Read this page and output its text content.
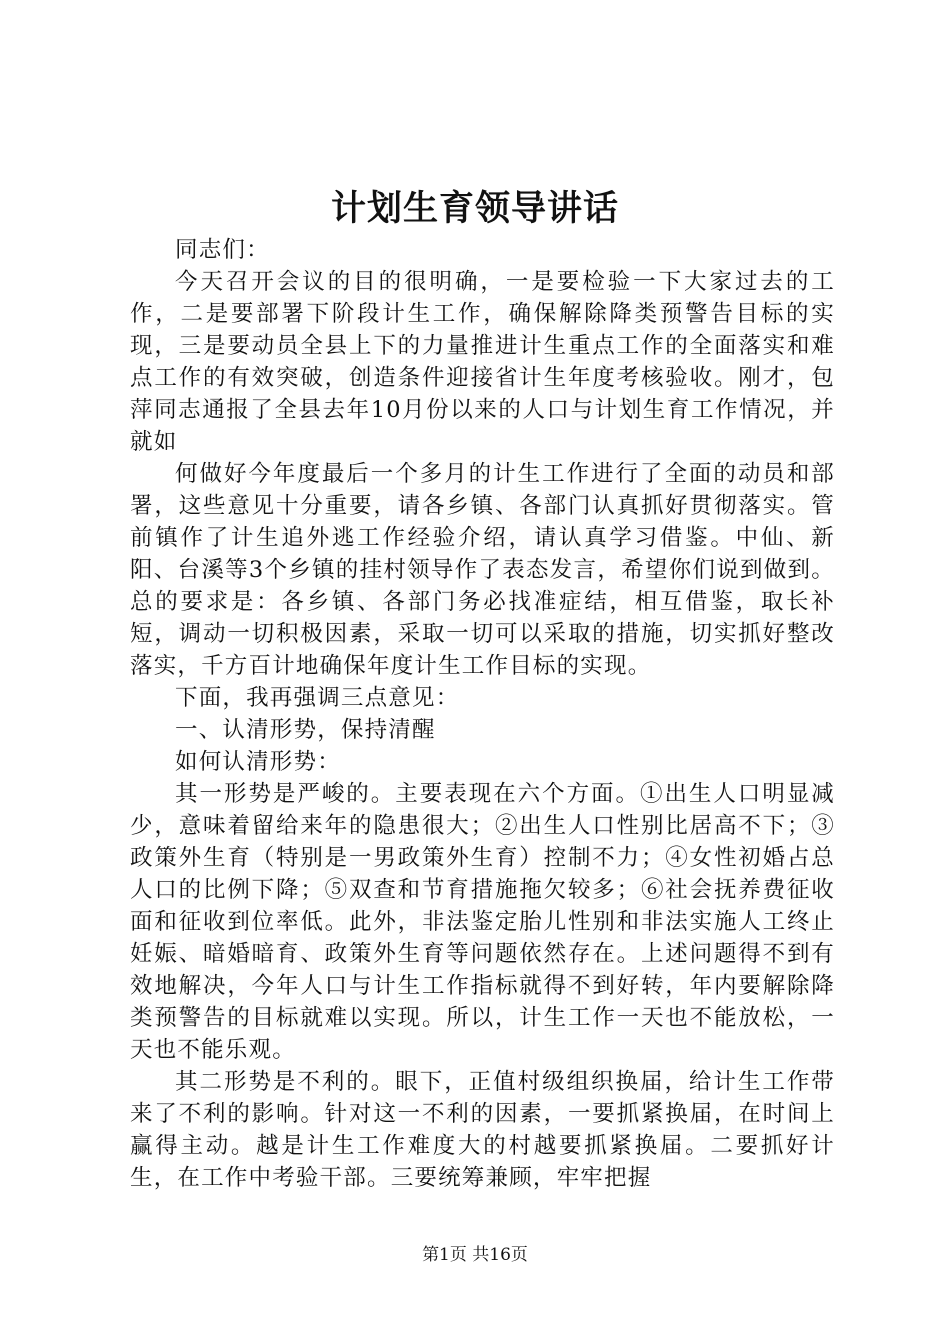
计划生育领导讲话

同志们：

今天召开会议的目的很明确，一是要检验一下大家过去的工作，二是要部署下阶段计生工作，确保解除降类预警告目标的实现，三是要动员全县上下的力量推进计生重点工作的全面落实和难点工作的有效突破，创造条件迎接省计生年度考核验收。刚才，包萍同志通报了全县去年10月份以来的人口与计划生育工作情况，并就如

何做好今年度最后一个多月的计生工作进行了全面的动员和部署，这些意见十分重要，请各乡镇、各部门认真抓好贯彻落实。管前镇作了计生追外逃工作经验介绍，请认真学习借鉴。中仙、新阳、台溪等3个乡镇的挂村领导作了表态发言，希望你们说到做到。总的要求是：各乡镇、各部门务必找准症结，相互借鉴，取长补短，调动一切积极因素，采取一切可以采取的措施，切实抓好整改落实，千方百计地确保年度计生工作目标的实现。

下面，我再强调三点意见：

一、认清形势，保持清醒

如何认清形势：

其一形势是严峻的。主要表现在六个方面。①出生人口明显减少，意味着留给来年的隐患很大；②出生人口性别比居高不下；③政策外生育（特别是一男政策外生育）控制不力；④女性初婚占总人口的比例下降；⑤双查和节育措施拖欠较多；⑥社会抚养费征收面和征收到位率低。此外，非法鉴定胎儿性别和非法实施人工终止妊娠、暗婚暗育、政策外生育等问题依然存在。上述问题得不到有效地解决，今年人口与计生工作指标就得不到好转，年内要解除降类预警告的目标就难以实现。所以，计生工作一天也不能放松，一天也不能乐观。

其二形势是不利的。眼下，正值村级组织换届，给计生工作带来了不利的影响。针对这一不利的因素，一要抓紧换届，在时间上赢得主动。越是计生工作难度大的村越要抓紧换届。二要抓好计生，在工作中考验干部。三要统筹兼顾，牢牢把握

第1页 共16页
